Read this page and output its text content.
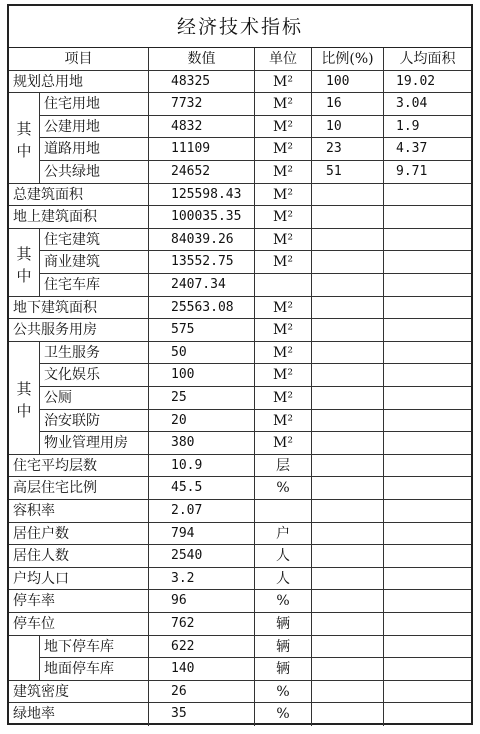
经济技术指标
项目	数值	单位	比例(%)	人均面积
规划总用地	48325	M²	100	19.02
住宅用地	7732	M²	16	3.04
公建用地	4832	M²	10	1.9
道路用地	11109	M²	23	4.37
公共绿地	24652	M²	51	9.71
总建筑面积	125598.43	M²
地上建筑面积	100035.35	M²
住宅建筑	84039.26	M²
商业建筑	13552.75	M²
住宅车库	2407.34
地下建筑面积	25563.08	M²
公共服务用房	575	M²
卫生服务	50	M²
文化娱乐	100	M²
公厕	25	M²
治安联防	20	M²
物业管理用房	380	M²
住宅平均层数	10.9	层
高层住宅比例	45.5	%
容积率	2.07
居住户数	794	户
居住人数	2540	人
户均人口	3.2	人
停车率	96	%
停车位	762	辆
地下停车库	622	辆
地面停车库	140	辆
建筑密度	26	%
绿地率	35	%
其
中
其
中
其
中
